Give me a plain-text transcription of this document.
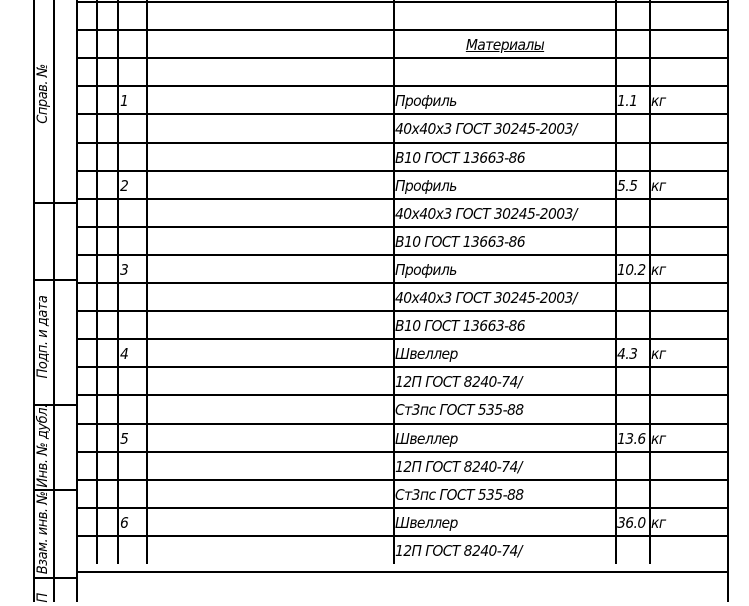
Справ. №
Подп. и дата
Инв. № дубл.
Взам. инв. №
П
Материалы
1	Профиль	1.1 кг
40x40x3 ГОСТ 30245-2003/
В10 ГОСТ 13663-86
2	Профиль	5.5 кг
40x40x3 ГОСТ 30245-2003/
В10 ГОСТ 13663-86
3	Профиль	10.2 кг
40x40x3 ГОСТ 30245-2003/
В10 ГОСТ 13663-86
4	Швеллер	4.3 кг
12П ГОСТ 8240-74/
Ст3пс ГОСТ 535-88
5	Швеллер	13.6 кг
12П ГОСТ 8240-74/
Ст3пс ГОСТ 535-88
6	Швеллер	36.0 кг
12П ГОСТ 8240-74/
